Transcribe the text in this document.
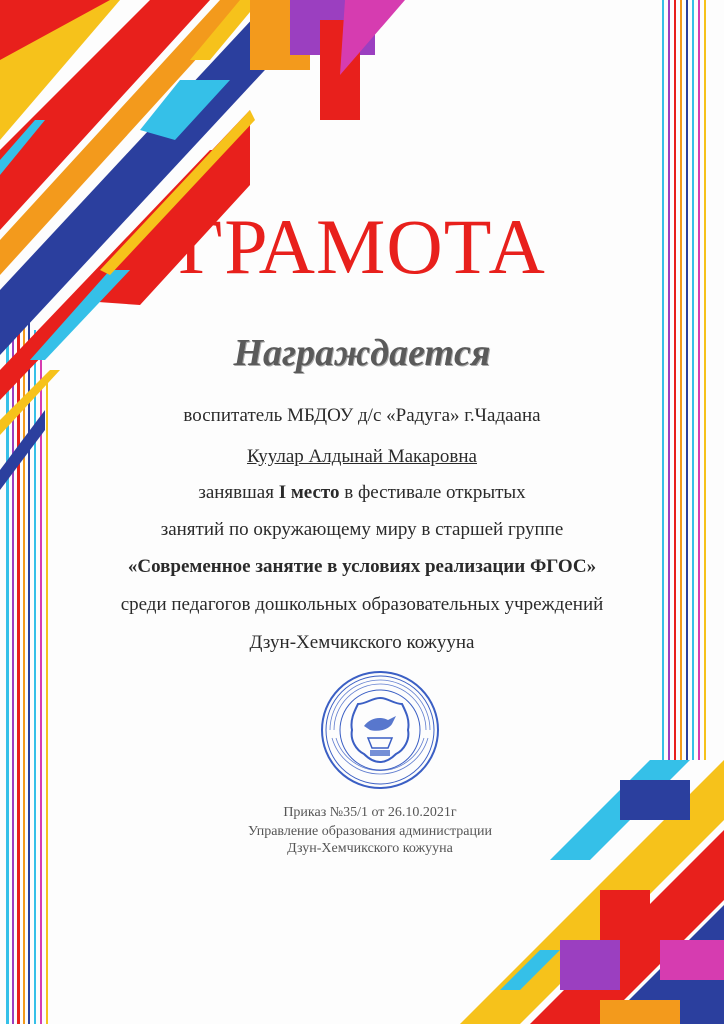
ГРАМОТА
Награждается
воспитатель МБДОУ д/с «Радуга» г.Чадаана
Куулар Алдынай Макаровна
занявшая I место в фестивале открытых
занятий по окружающему миру в старшей группе
«Современное занятие в условиях реализации ФГОС»
среди педагогов дошкольных образовательных учреждений
Дзун-Хемчикского кожууна
Приказ №35/1 от 26.10.2021г
Управление образования администрации
Дзун-Хемчикского кожууна
